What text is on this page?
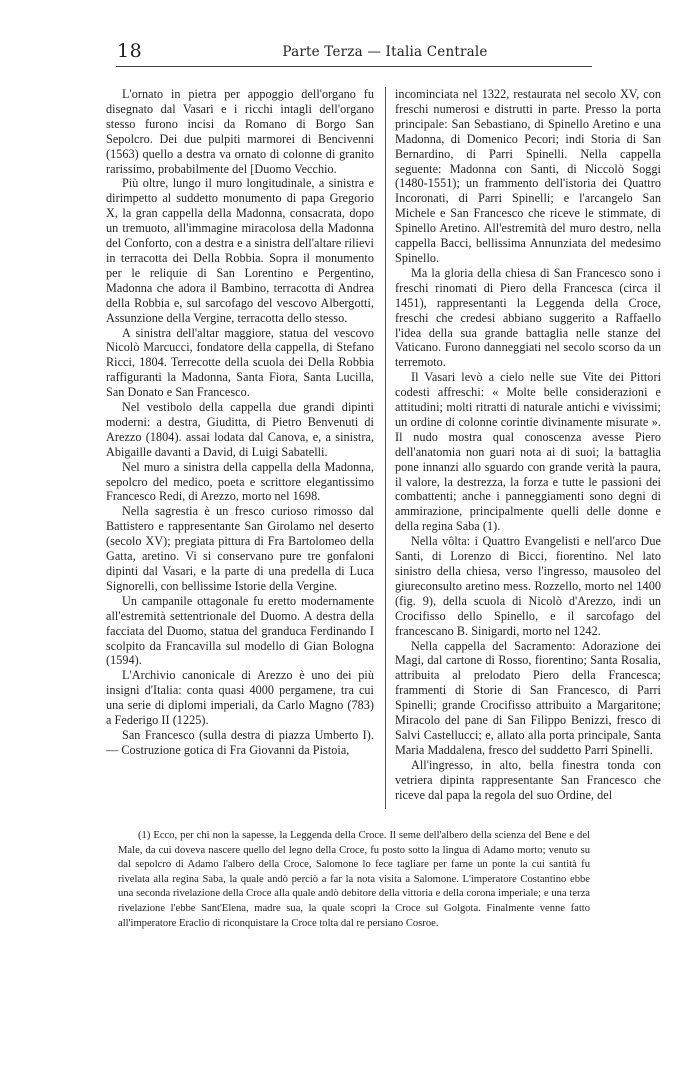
18	Parte Terza — Italia Centrale

L'ornato in pietra per appoggio dell'organo fu disegnato dal Vasari e i ricchi intagli dell'organo stesso furono incisi da Romano di Borgo San Sepolcro. Dei due pulpiti marmorei di Bencivenni (1563) quello a destra va ornato di colonne di granito rarissimo, probabilmente del [Duomo Vecchio.

Più oltre, lungo il muro longitudinale, a sinistra e dirimpetto al suddetto monumento di papa Gregorio X, la gran cappella della Madonna, consacrata, dopo un tremuoto, all'immagine miracolosa della Madonna del Conforto, con a destra e a sinistra dell'altare rilievi in terracotta dei Della Robbia. Sopra il monumento per le reliquie di San Lorentino e Pergentino, Madonna che adora il Bambino, terracotta di Andrea della Robbia e, sul sarcofago del vescovo Albergotti, Assunzione della Vergine, terracotta dello stesso.

A sinistra dell'altar maggiore, statua del vescovo Nicolò Marcucci, fondatore della cappella, di Stefano Ricci, 1804. Terrecotte della scuola dei Della Robbia raffiguranti la Madonna, Santa Fiora, Santa Lucilla, San Donato e San Francesco.

Nel vestibolo della cappella due grandi dipinti moderni: a destra, Giuditta, di Pietro Benvenuti di Arezzo (1804). assai lodata dal Canova, e, a sinistra, Abigaille davanti a David, di Luigi Sabatelli.

Nel muro a sinistra della cappella della Madonna, sepolcro del medico, poeta e scrittore elegantissimo Francesco Redi, di Arezzo, morto nel 1698.

Nella sagrestia è un fresco curioso rimosso dal Battistero e rappresentante San Girolamo nel deserto (secolo XV); pregiata pittura di Fra Bartolomeo della Gatta, aretino. Vi si conservano pure tre gonfaloni dipinti dal Vasari, e la parte di una predella di Luca Signorelli, con bellissime Istorie della Vergine.

Un campanile ottagonale fu eretto modernamente all'estremità settentrionale del Duomo. A destra della facciata del Duomo, statua del granduca Ferdinando I scolpito da Francavilla sul modello di Gian Bologna (1594).

L'Archivio canonicale di Arezzo è uno dei più insigni d'Italia: conta quasi 4000 pergamene, tra cui una serie di diplomi imperiali, da Carlo Magno (783) a Federigo II (1225).

San Francesco (sulla destra di piazza Umberto I). — Costruzione gotica di Fra Giovanni da Pistoia,

incominciata nel 1322, restaurata nel secolo XV, con freschi numerosi e distrutti in parte. Presso la porta principale: San Sebastiano, di Spinello Aretino e una Madonna, di Domenico Pecori; indi Storia di San Bernardino, di Parri Spinelli. Nella cappella seguente: Madonna con Santi, di Niccolò Soggi (1480-1551); un frammento dell'istoria dei Quattro Incoronati, di Parri Spinelli; e l'arcangelo San Michele e San Francesco che riceve le stimmate, di Spinello Aretino. All'estremità del muro destro, nella cappella Bacci, bellissima Annunziata del medesimo Spinello.

Ma la gloria della chiesa di San Francesco sono i freschi rinomati di Piero della Francesca (circa il 1451), rappresentanti la Leggenda della Croce, freschi che credesi abbiano suggerito a Raffaello l'idea della sua grande battaglia nelle stanze del Vaticano. Furono danneggiati nel secolo scorso da un terremoto.

Il Vasari levò a cielo nelle sue Vite dei Pittori codesti affreschi: « Molte belle considerazioni e attitudini; molti ritratti di naturale antichi e vivissimi; un ordine di colonne corintie divinamente misurate ». Il nudo mostra qual conoscenza avesse Piero dell'anatomia non guari nota ai di suoi; la battaglia pone innanzi allo sguardo con grande verità la paura, il valore, la destrezza, la forza e tutte le passioni dei combattenti; anche i panneggiamenti sono degni di ammirazione, principalmente quelli delle donne e della regina Saba (1).

Nella vôlta: i Quattro Evangelisti e nell'arco Due Santi, di Lorenzo di Bicci, fiorentino. Nel lato sinistro della chiesa, verso l'ingresso, mausoleo del giureconsulto aretino mess. Rozzello, morto nel 1400 (fig. 9), della scuola di Nicolò d'Arezzo, indi un Crocifisso dello Spinello, e il sarcofago del francescano B. Sinigardi, morto nel 1242.

Nella cappella del Sacramento: Adorazione dei Magi, dal cartone di Rosso, fiorentino; Santa Rosalia, attribuita al prelodato Piero della Francesca; frammenti di Storie di San Francesco, di Parri Spinelli; grande Crocifisso attribuito a Margaritone; Miracolo del pane di San Filippo Benizzi, fresco di Salvi Castellucci; e, allato alla porta principale, Santa Maria Maddalena, fresco del suddetto Parri Spinelli.

All'ingresso, in alto, bella finestra tonda con vetriera dipinta rappresentante San Francesco che riceve dal papa la regola del suo Ordine, del

(1) Ecco, per chi non la sapesse, la Leggenda della Croce. Il seme dell'albero della scienza del Bene e del Male, da cui doveva nascere quello del legno della Croce, fu posto sotto la lingua di Adamo morto; venuto su dal sepolcro di Adamo l'albero della Croce, Salomone lo fece tagliare per farne un ponte la cui santità fu rivelata alla regina Saba, la quale andò perciò a far la nota visita a Salomone. L'imperatore Costantino ebbe una seconda rivelazione della Croce alla quale andò debitore della vittoria e della corona imperiale; e una terza rivelazione l'ebbe Sant'Elena, madre sua, la quale scoprì la Croce sul Golgota. Finalmente venne fatto all'imperatore Eraclio di riconquistare la Croce tolta dal re persiano Cosroe.
